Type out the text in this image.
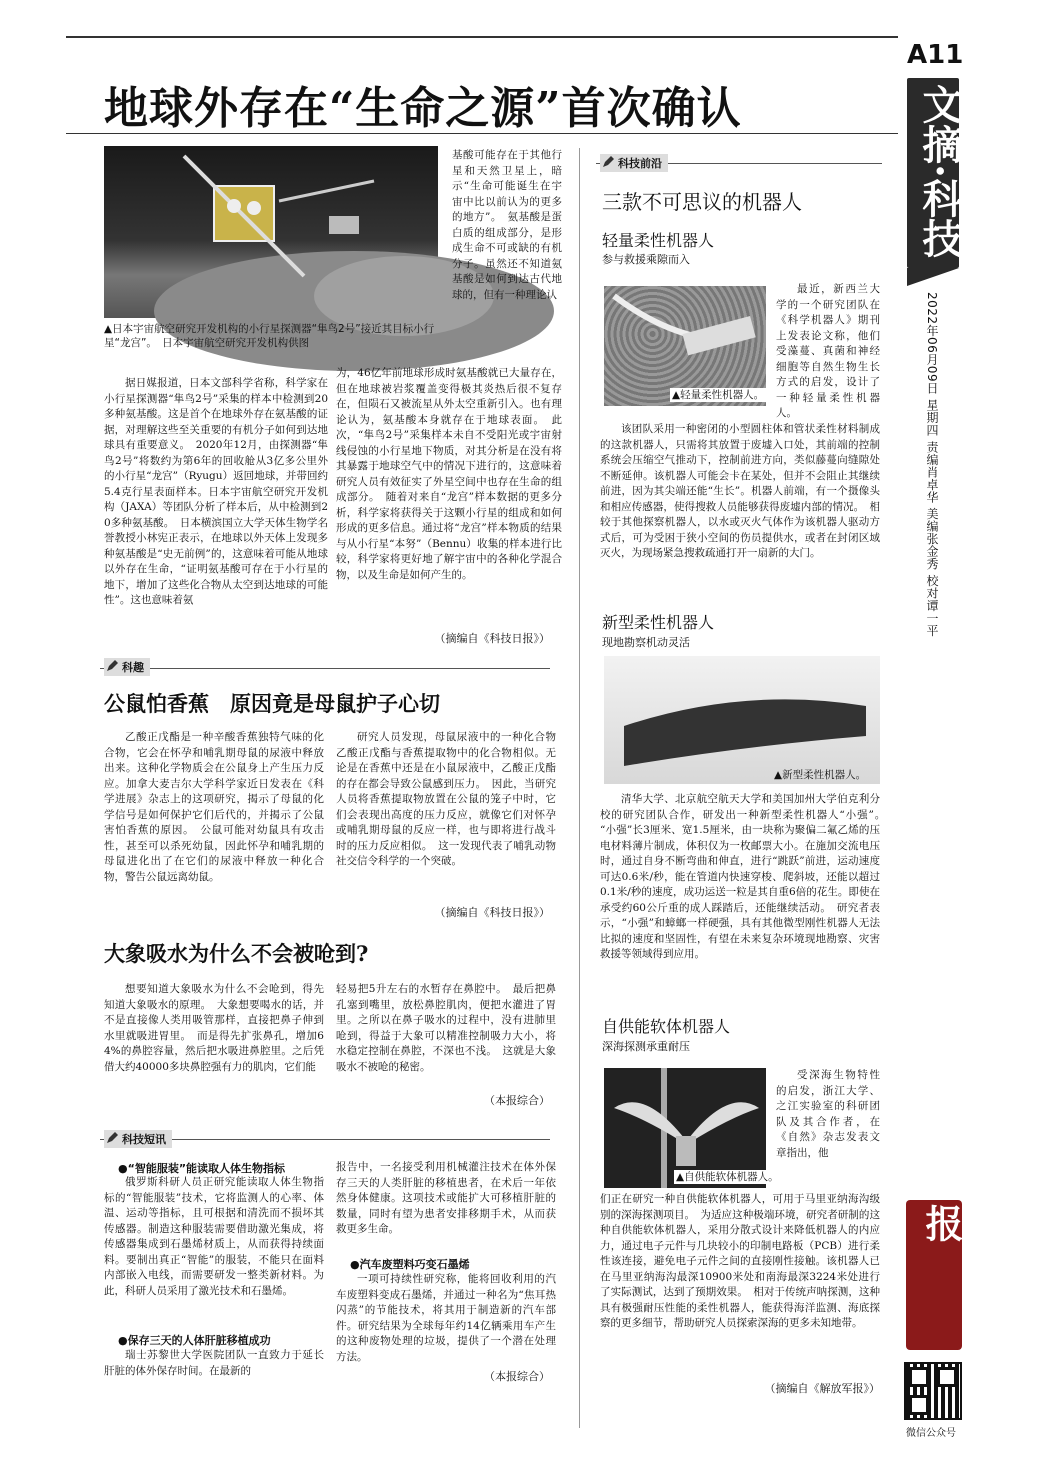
地球外存在“生命之源”首次确认
A11
文摘·科技
2022年06月09日 星期四 责编肖卓华 美编张金秀 校对谭一平
株洲晚报
微信公众号
▲日本宇宙航空研究开发机构的小行星探测器“隼鸟2号”接近其目标小行星“龙宫”。　日本宇宙航空研究开发机构供图
基酸可能存在于其他行星和天然卫星上，暗示“生命可能诞生在宇宙中比以前认为的更多的地方”。　氨基酸是蛋白质的组成部分，是形成生命不可或缺的有机分子。虽然还不知道氨基酸是如何到达古代地球的，但有一种理论认
据日媒报道，日本文部科学省称，科学家在小行星探测器“隼鸟2号”采集的样本中检测到20多种氨基酸。这是首个在地球外存在氨基酸的证据，对理解这些至关重要的有机分子如何到达地球具有重要意义。　2020年12月，由探测器“隼鸟2号”将数约为第6年的回收舱从3亿多公里外的小行星“龙宫”（Ryugu）返回地球，并带回约5.4克行星表面样本。日本宇宙航空研究开发机构（JAXA）等团队分析了样本后，从中检测到20多种氨基酸。　日本横滨国立大学天体生物学名誉教授小林宪正表示，在地球以外天体上发现多种氨基酸是“史无前例”的，这意味着可能从地球以外存在生命，“证明氨基酸可存在于小行星的地下，增加了这些化合物从太空到达地球的可能性”。这也意味着氨
为，46亿年前地球形成时氨基酸就已大量存在，但在地球被岩浆覆盖变得极其炎热后很不复存在，但陨石又被流星从外太空重新引入。也有理论认为，氨基酸本身就存在于地球表面。　此次，“隼鸟2号”采集样本未自不受阳光或宇宙射线侵蚀的小行星地下物质，对其分析是在没有将其暴露于地球空气中的情况下进行的，这意味着研究人员有效征实了外星空间中也存在生命的组成部分。　随着对来自“龙宫”样本数据的更多分析，科学家将获得关于这颗小行星的组成和如何形成的更多信息。通过将“龙宫”样本物质的结果与从小行星“本努”（Bennu）收集的样本进行比较，科学家将更好地了解宇宙中的各种化学混合物，以及生命是如何产生的。
（摘编自《科技日报》）
科趣
公鼠怕香蕉　原因竟是母鼠护子心切
乙酸正戊酯是一种辛酸香蕉独特气味的化合物，它会在怀孕和哺乳期母鼠的尿液中释放出来。这种化学物质会在公鼠身上产生压力反应。加拿大麦吉尔大学科学家近日发表在《科学进展》杂志上的这项研究，揭示了母鼠的化学信号是如何保护它们后代的，并揭示了公鼠害怕香蕉的原因。　公鼠可能对幼鼠具有攻击性，甚至可以杀死幼鼠，因此怀孕和哺乳期的母鼠进化出了在它们的尿液中释放一种化合物，警告公鼠远离幼鼠。
研究人员发现，母鼠尿液中的一种化合物乙酸正戊酯与香蕉提取物中的化合物相似。无论是在香蕉中还是在小鼠尿液中，乙酸正戊酯的存在都会导致公鼠感到压力。　因此，当研究人员将香蕉提取物放置在公鼠的笼子中时，它们会表现出高度的压力反应，就像它们对怀孕或哺乳期母鼠的反应一样，也与即将进行战斗时的压力反应相似。　这一发现代表了哺乳动物社交信令科学的一个突破。
（摘编自《科技日报》）
大象吸水为什么不会被呛到?
想要知道大象吸水为什么不会呛到，得先知道大象吸水的原理。　大象想要喝水的话，并不是直接像人类用吸管那样，直接把鼻子伸到水里就吸进胃里。　而是得先扩张鼻孔，增加64%的鼻腔容量，然后把水吸进鼻腔里。之后凭借大约40000多块鼻腔强有力的肌肉，它们能
轻易把5升左右的水暂存在鼻腔中。　最后把鼻孔塞到嘴里，放松鼻腔肌肉，便把水灌进了胃里。之所以在鼻子吸水的过程中，没有进肺里呛到，得益于大象可以精准控制吸力大小，将水稳定控制在鼻腔，不深也不浅。　这就是大象吸水不被呛的秘密。
（本报综合）
科技短讯
●“智能服装”能读取人体生物指标
俄罗斯科研人员正研究能读取人体生物指标的“智能服装”技术，它将监测人的心率、体温、运动等指标，且可根据和清洗而不损坏其传感器。制造这种服装需要借助激光集成，将传感器集成到石墨烯材质上，从而获得持续面料。要制出真正“智能”的服装，不能只在面料内部嵌入电线，而需要研发一整类新材料。为此，科研人员采用了激光技术和石墨烯。
●保存三天的人体肝脏移植成功
瑞士苏黎世大学医院团队一直致力于延长肝脏的体外保存时间。在最新的
报告中，一名接受利用机械灌注技术在体外保存三天的人类肝脏的移植患者，在术后一年依然身体健康。这项技术或能扩大可移植肝脏的数量，同时有望为患者安排移期手术，从而获救更多生命。
●汽车废塑料巧变石墨烯
一项可持续性研究称，能将回收利用的汽车废塑料变成石墨烯，并通过一种名为“焦耳热闪蒸”的节能技术，将其用于制造新的汽车部件。研究结果为全球每年约14亿辆乘用车产生的这种废物处理的垃圾，提供了一个潜在处理方法。
（本报综合）
科技前沿
三款不可思议的机器人
轻量柔性机器人
参与救援乘隙而入
▲轻量柔性机器人。
最近，新西兰大学的一个研究团队在《科学机器人》期刊上发表论文称，他们受藻蔓、真菌和神经细胞等自然生物生长方式的启发，设计了一种轻量柔性机器人。
该团队采用一种密闭的小型圆柱体和管状柔性材料制成的这款机器人，只需将其放置于废墟入口处，其前端的控制系统会压缩空气推动下，控制前进方向，类似藤蔓向缝隙处不断延伸。该机器人可能会卡在某处，但并不会阻止其继续前进，因为其尖端还能“生长”。机器人前端，有一个摄像头和相应传感器，使得搜救人员能够获得废墟内部的情况。　相较于其他探察机器人，以水或灭火气体作为该机器人驱动方式后，可为受困于狭小空间的伤员提供水，或者在封闭区域灭火，为现场紧急搜救疏通打开一扇新的大门。
新型柔性机器人
现地勘察机动灵活
▲新型柔性机器人。
清华大学、北京航空航天大学和美国加州大学伯克利分校的研究团队合作，研发出一种新型柔性机器人“小强”。　“小强”长3厘米、宽1.5厘米，由一块称为聚偏二氟乙烯的压电材料薄片制成，体积仅为一枚邮票大小。在施加交流电压时，通过自身不断弯曲和伸直，进行“跳跃”前进，运动速度可达0.6米/秒，能在管道内快速穿梭、爬斜坡，还能以超过0.1米/秒的速度，成功运送一粒是其自重6倍的花生。即使在承受约60公斤重的成人踩踏后，还能继续活动。　研究者表示，“小强”和蟑螂一样硬强，具有其他微型刚性机器人无法比拟的速度和坚固性，有望在未来复杂环境现地勘察、灾害救援等领域得到应用。
自供能软体机器人
深海探测承重耐压
▲自供能软体机器人。
受深海生物特性的启发，浙江大学、之江实验室的科研团队及其合作者，在《自然》杂志发表文章指出，他
们正在研究一种自供能软体机器人，可用于马里亚纳海沟级别的深海探测项目。　为适应这种极端环境，研究者研制的这种自供能软体机器人，采用分散式设计来降低机器人的内应力，通过电子元件与几块较小的印制电路板（PCB）进行柔性该连接，避免电子元件之间的直接刚性接触。该机器人已在马里亚纳海沟最深10900米处和南海最深3224米处进行了实际测试，达到了预期效果。　相对于传统声呐探测，这种具有极强耐压性能的柔性机器人，能获得海洋监测、海底探察的更多细节，帮助研究人员探索深海的更多未知地带。
（摘编自《解放军报》）
